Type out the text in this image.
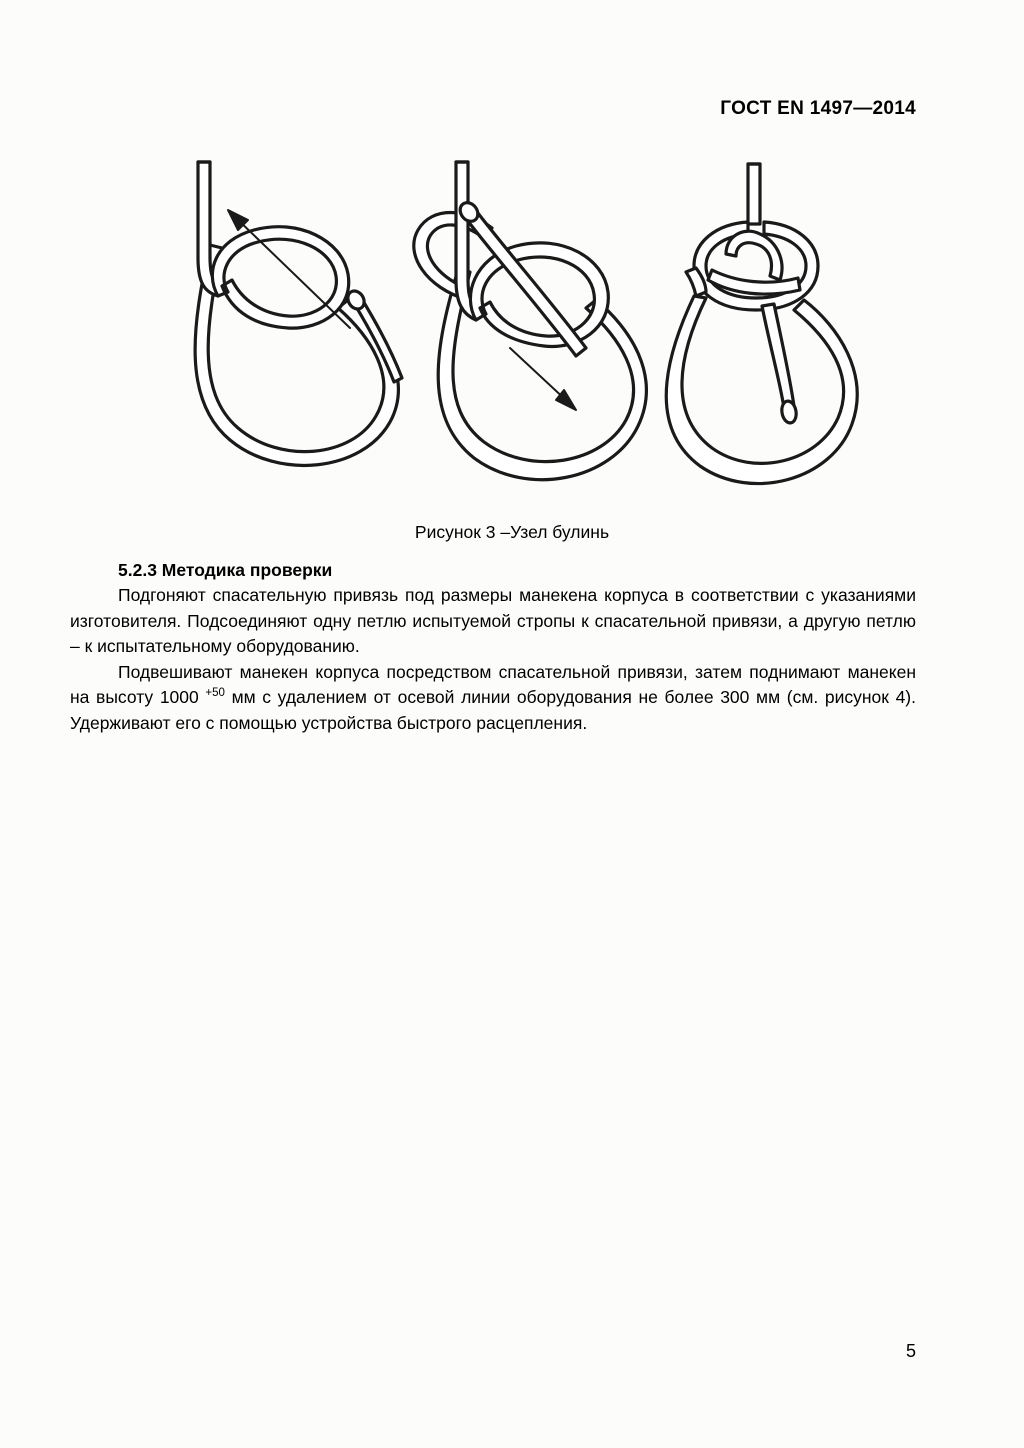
ГОСТ EN 1497—2014
Рисунок 3 –Узел булинь
5.2.3 Методика проверки

Подгоняют спасательную привязь под размеры манекена корпуса в соответствии с указаниями изготовителя. Подсоединяют одну петлю испытуемой стропы к спасательной привязи, а другую петлю – к испытательному оборудованию.

Подвешивают манекен корпуса посредством спасательной привязи, затем поднимают манекен на высоту 1000 $^{+50}$ мм с удалением от осевой линии оборудования не более 300 мм (см. рисунок 4). Удерживают его с помощью устройства быстрого расцепления.

5
